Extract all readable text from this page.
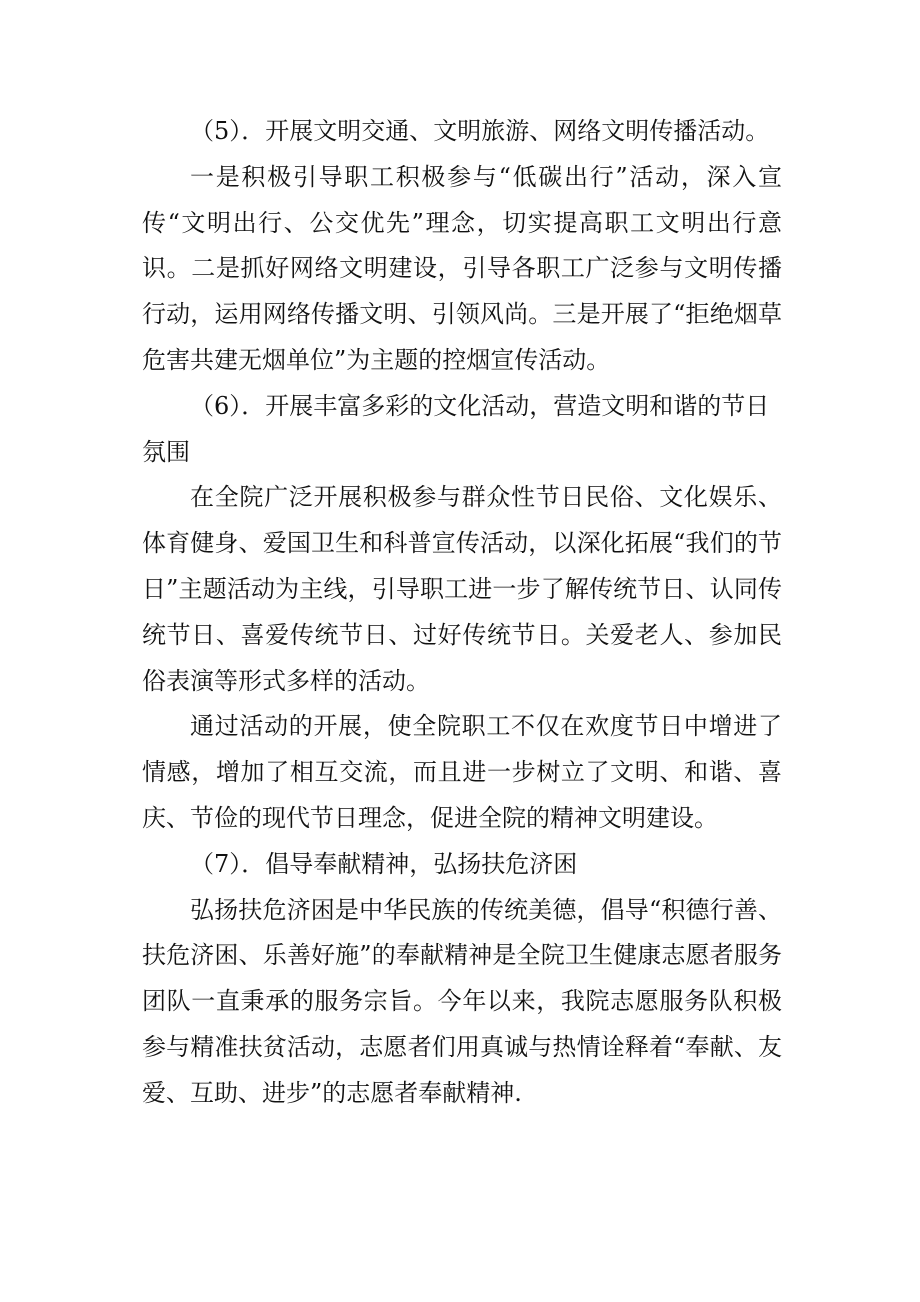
（5）．开展文明交通、文明旅游、网络文明传播活动。

一是积极引导职工积极参与“低碳出行”活动，深入宣传“文明出行、公交优先”理念，切实提高职工文明出行意识。二是抓好网络文明建设，引导各职工广泛参与文明传播行动，运用网络传播文明、引领风尚。三是开展了“拒绝烟草危害共建无烟单位”为主题的控烟宣传活动。

（6）．开展丰富多彩的文化活动，营造文明和谐的节日氛围

在全院广泛开展积极参与群众性节日民俗、文化娱乐、体育健身、爱国卫生和科普宣传活动，以深化拓展“我们的节日”主题活动为主线，引导职工进一步了解传统节日、认同传统节日、喜爱传统节日、过好传统节日。关爱老人、参加民俗表演等形式多样的活动。

通过活动的开展，使全院职工不仅在欢度节日中增进了情感，增加了相互交流，而且进一步树立了文明、和谐、喜庆、节俭的现代节日理念，促进全院的精神文明建设。

（7）．倡导奉献精神，弘扬扶危济困

弘扬扶危济困是中华民族的传统美德，倡导“积德行善、扶危济困、乐善好施”的奉献精神是全院卫生健康志愿者服务团队一直秉承的服务宗旨。今年以来，我院志愿服务队积极参与精准扶贫活动，志愿者们用真诚与热情诠释着“奉献、友爱、互助、进步”的志愿者奉献精神.
